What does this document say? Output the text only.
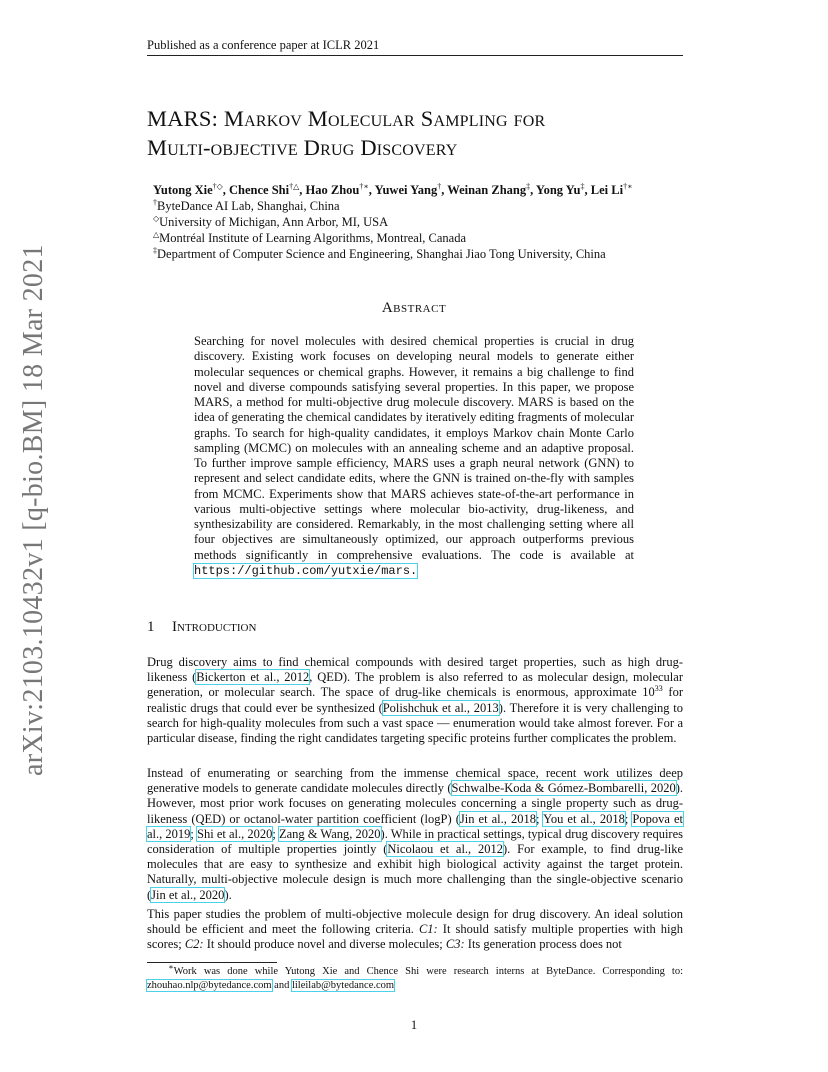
arXiv:2103.10432v1 [q-bio.BM] 18 Mar 2021
Published as a conference paper at ICLR 2021
MARS: Markov Molecular Sampling for
Multi-objective Drug Discovery
Yutong Xie†◇, Chence Shi†△, Hao Zhou†∗, Yuwei Yang†, Weinan Zhang‡, Yong Yu‡, Lei Li†∗
†ByteDance AI Lab, Shanghai, China
◇University of Michigan, Ann Arbor, MI, USA
△Montréal Institute of Learning Algorithms, Montreal, Canada
‡Department of Computer Science and Engineering, Shanghai Jiao Tong University, China
Abstract
Searching for novel molecules with desired chemical properties is crucial in drug discovery. Existing work focuses on developing neural models to generate either molecular sequences or chemical graphs. However, it remains a big challenge to find novel and diverse compounds satisfying several properties. In this paper, we propose MARS, a method for multi-objective drug molecule discovery. MARS is based on the idea of generating the chemical candidates by iteratively editing fragments of molecular graphs. To search for high-quality candidates, it employs Markov chain Monte Carlo sampling (MCMC) on molecules with an annealing scheme and an adaptive proposal. To further improve sample efficiency, MARS uses a graph neural network (GNN) to represent and select candidate edits, where the GNN is trained on-the-fly with samples from MCMC. Experiments show that MARS achieves state-of-the-art performance in various multi-objective settings where molecular bio-activity, drug-likeness, and synthesizability are considered. Remarkably, in the most challenging setting where all four objectives are simultaneously optimized, our approach outperforms previous methods significantly in comprehensive evaluations. The code is available at https://github.com/yutxie/mars.
1 Introduction
Drug discovery aims to find chemical compounds with desired target properties, such as high drug-likeness (Bickerton et al., 2012, QED). The problem is also referred to as molecular design, molecular generation, or molecular search. The space of drug-like chemicals is enormous, approximate $10^{33}$ for realistic drugs that could ever be synthesized (Polishchuk et al., 2013). Therefore it is very challenging to search for high-quality molecules from such a vast space — enumeration would take almost forever. For a particular disease, finding the right candidates targeting specific proteins further complicates the problem.
Instead of enumerating or searching from the immense chemical space, recent work utilizes deep generative models to generate candidate molecules directly (Schwalbe-Koda & Gómez-Bombarelli, 2020). However, most prior work focuses on generating molecules concerning a single property such as drug-likeness (QED) or octanol-water partition coefficient (logP) (Jin et al., 2018; You et al., 2018; Popova et al., 2019; Shi et al., 2020; Zang & Wang, 2020). While in practical settings, typical drug discovery requires consideration of multiple properties jointly (Nicolaou et al., 2012). For example, to find drug-like molecules that are easy to synthesize and exhibit high biological activity against the target protein. Naturally, multi-objective molecule design is much more challenging than the single-objective scenario (Jin et al., 2020).
This paper studies the problem of multi-objective molecule design for drug discovery. An ideal solution should be efficient and meet the following criteria. C1: It should satisfy multiple properties with high scores; C2: It should produce novel and diverse molecules; C3: Its generation process does not
∗Work was done while Yutong Xie and Chence Shi were research interns at ByteDance. Corresponding to: zhouhao.nlp@bytedance.com and lileilab@bytedance.com
1
